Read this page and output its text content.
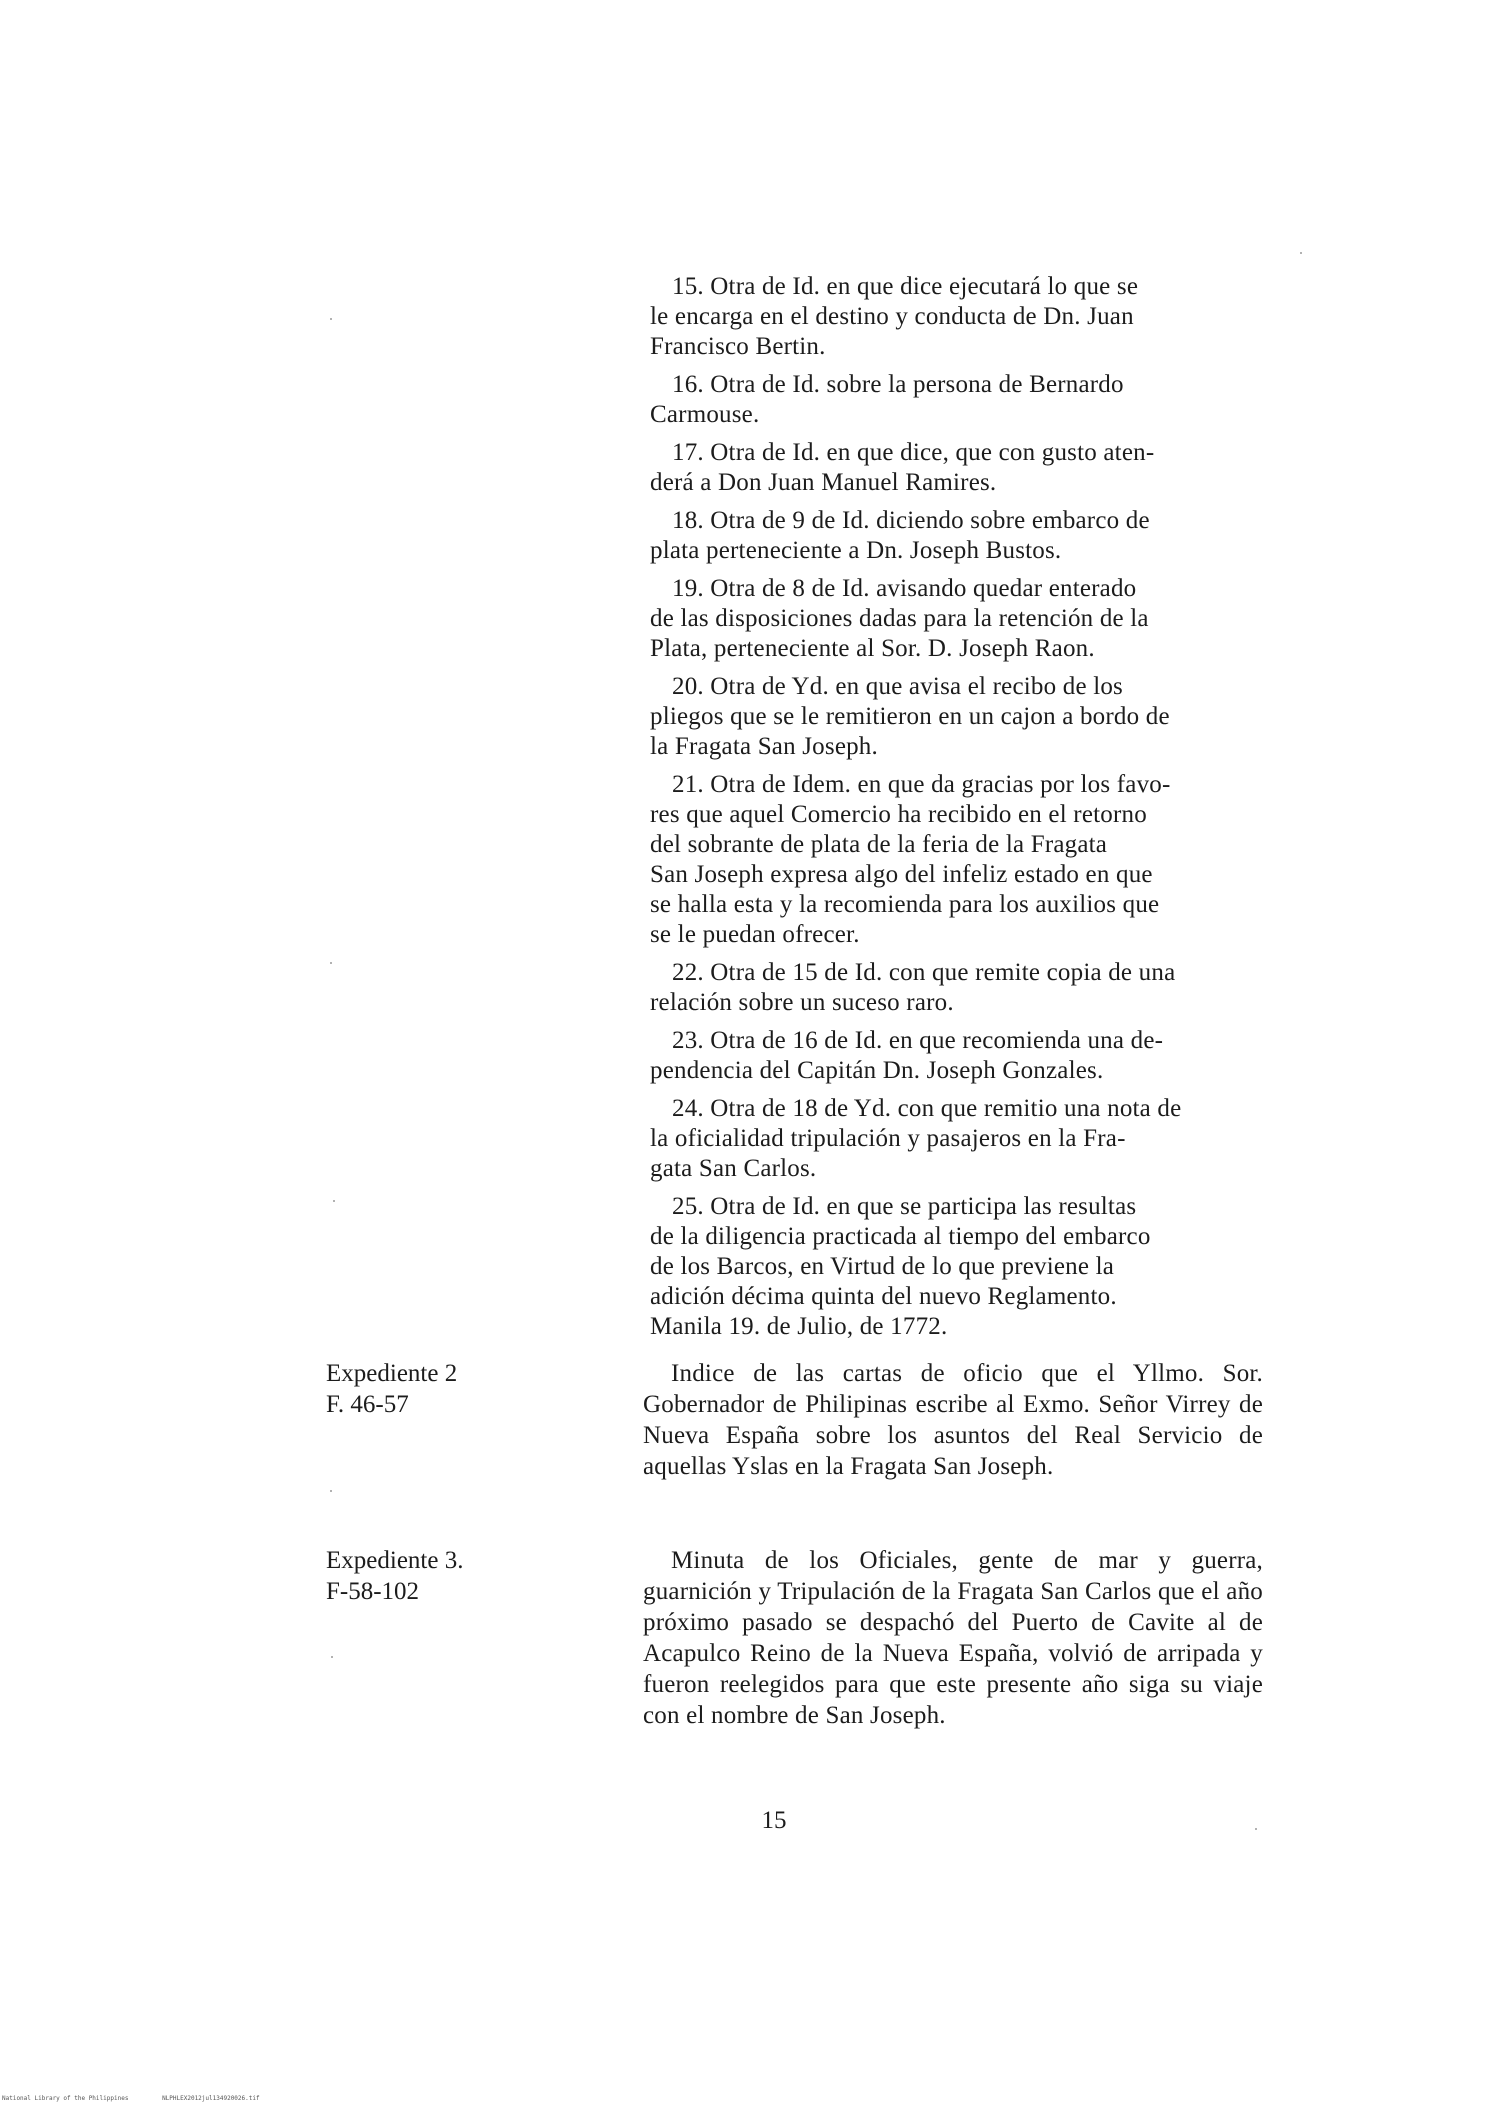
15. Otra de Id. en que dice ejecutará lo que se
le encarga en el destino y conducta de Dn. Juan
Francisco Bertin.

16. Otra de Id. sobre la persona de Bernardo
Carmouse.

17. Otra de Id. en que dice, que con gusto aten-
derá a Don Juan Manuel Ramires.

18. Otra de 9 de Id. diciendo sobre embarco de
plata perteneciente a Dn. Joseph Bustos.

19. Otra de 8 de Id. avisando quedar enterado
de las disposiciones dadas para la retención de la
Plata, perteneciente al Sor. D. Joseph Raon.

20. Otra de Yd. en que avisa el recibo de los
pliegos que se le remitieron en un cajon a bordo de
la Fragata San Joseph.

21. Otra de Idem. en que da gracias por los favo-
res que aquel Comercio ha recibido en el retorno
del sobrante de plata de la feria de la Fragata
San Joseph expresa algo del infeliz estado en que
se halla esta y la recomienda para los auxilios que
se le puedan ofrecer.

22. Otra de 15 de Id. con que remite copia de una
relación sobre un suceso raro.

23. Otra de 16 de Id. en que recomienda una de-
pendencia del Capitán Dn. Joseph Gonzales.

24. Otra de 18 de Yd. con que remitio una nota de
la oficialidad tripulación y pasajeros en la Fra-
gata San Carlos.

25. Otra de Id. en que se participa las resultas
de la diligencia practicada al tiempo del embarco
de los Barcos, en Virtud de lo que previene la
adición décima quinta del nuevo Reglamento.
Manila 19. de Julio, de 1772.

Expediente 2
F. 46-57
Indice de las cartas de oficio que el Yllmo. Sor. Gobernador de Philipinas escribe al Exmo. Señor Virrey de Nueva España sobre los asuntos del Real Servicio de aquellas Yslas en la Fragata San Joseph.
Expediente 3.
F-58-102
Minuta de los Oficiales, gente de mar y guerra, guarnición y Tripulación de la Fragata San Carlos que el año próximo pasado se despachó del Puerto de Cavite al de Acapulco Reino de la Nueva España, volvió de arripada y fueron reelegidos para que este presente año siga su viaje con el nombre de San Joseph.
15
National Library of the Philippines	NLPHLEX2012jul134920026.tif
